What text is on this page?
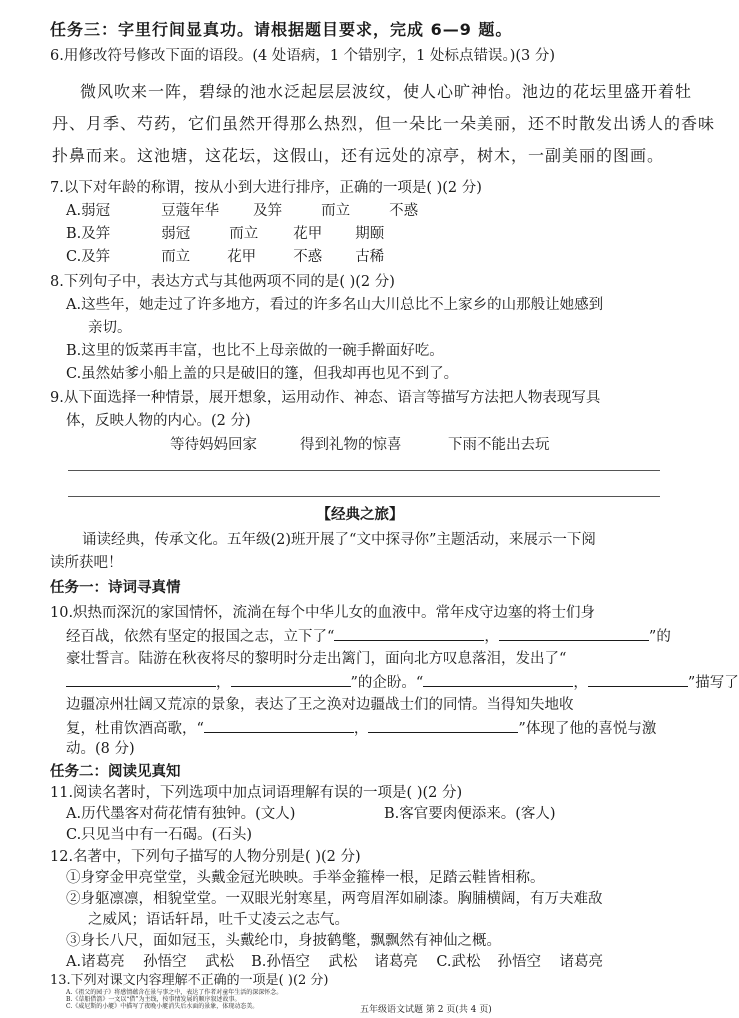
任务三：字里行间显真功。请根据题目要求，完成 6—9 题。
6.用修改符号修改下面的语段。(4 处语病，1 个错别字，1 处标点错误。)(3 分)
微风吹来一阵，碧绿的池水泛起层层波纹，使人心旷神怡。池边的花坛里盛开着牡
丹、月季、芍药，它们虽然开得那么热烈，但一朵比一朵美丽，还不时散发出诱人的香味
扑鼻而来。这池塘，这花坛，这假山，还有远处的凉亭，树木，一副美丽的图画。
7.以下对年龄的称谓，按从小到大进行排序，正确的一项是( )(2 分)
A.弱冠	豆蔻年华 及笄	而立	不惑
B.及笄	弱冠	而立 花甲 期颐
C.及笄	而立	花甲	不惑 古稀
8.下列句子中，表达方式与其他两项不同的是( )(2 分)
A.这些年，她走过了许多地方，看过的许多名山大川总比不上家乡的山那般让她感到
亲切。
B.这里的饭菜再丰富，也比不上母亲做的一碗手擀面好吃。
C.虽然姑爹小船上盖的只是破旧的篷，但我却再也见不到了。
9.从下面选择一种情景，展开想象，运用动作、神态、语言等描写方法把人物表现写具
体，反映人物的内心。(2 分)
等待妈妈回家	得到礼物的惊喜	下雨不能出去玩
【经典之旅】
诵读经典，传承文化。五年级(2)班开展了“文中探寻你”主题活动，来展示一下阅
读所获吧！
任务一：诗词寻真情
10.炽热而深沉的家国情怀，流淌在每个中华儿女的血液中。常年戍守边塞的将士们身
经百战，依然有坚定的报国之志，立下了“	，	”的
豪壮誓言。陆游在秋夜将尽的黎明时分走出篱门，面向北方叹息落泪，发出了“
，	”的企盼。“	，	”描写了
边疆凉州壮阔又荒凉的景象，表达了王之涣对边疆战士们的同情。当得知失地收
复，杜甫饮酒高歌，“	，	”体现了他的喜悦与激
动。(8 分)
任务二：阅读见真知
11.阅读名著时，下列选项中加点词语理解有误的一项是( )(2 分)
A.历代墨客对荷花情有独钟。(文人)	B.客官要肉便添来。(客人)
C.只见当中有一石碣。(石头)
12.名著中，下列句子描写的人物分别是( )(2 分)
①身穿金甲亮堂堂，头戴金冠光映映。手举金箍棒一根，足踏云鞋皆相称。
②身躯凛凛，相貌堂堂。一双眼光射寒星，两弯眉浑如刷漆。胸脯横阔，有万夫难敌
之威风；语话轩昂，吐千丈凌云之志气。
③身长八尺，面如冠玉，头戴纶巾，身披鹤氅，飘飘然有神仙之概。
A.诸葛亮 孙悟空 武松 B.孙悟空 武松 诸葛亮 C.武松 孙悟空 诸葛亮
13.下列对课文内容理解不正确的一项是( )(2 分)
A.《祖父的园子》将感情蕴含在景与事之中，表达了作者对童年生活的深深怀念。
B.《草船借箭》一文以“借”为主线，按事情发展的顺序叙述故事。
C.《威尼斯的小艇》中描写了夜晚小艇消失后水面的景象，体现动态美。	五年级语文试题 第 2 页(共 4 页)
